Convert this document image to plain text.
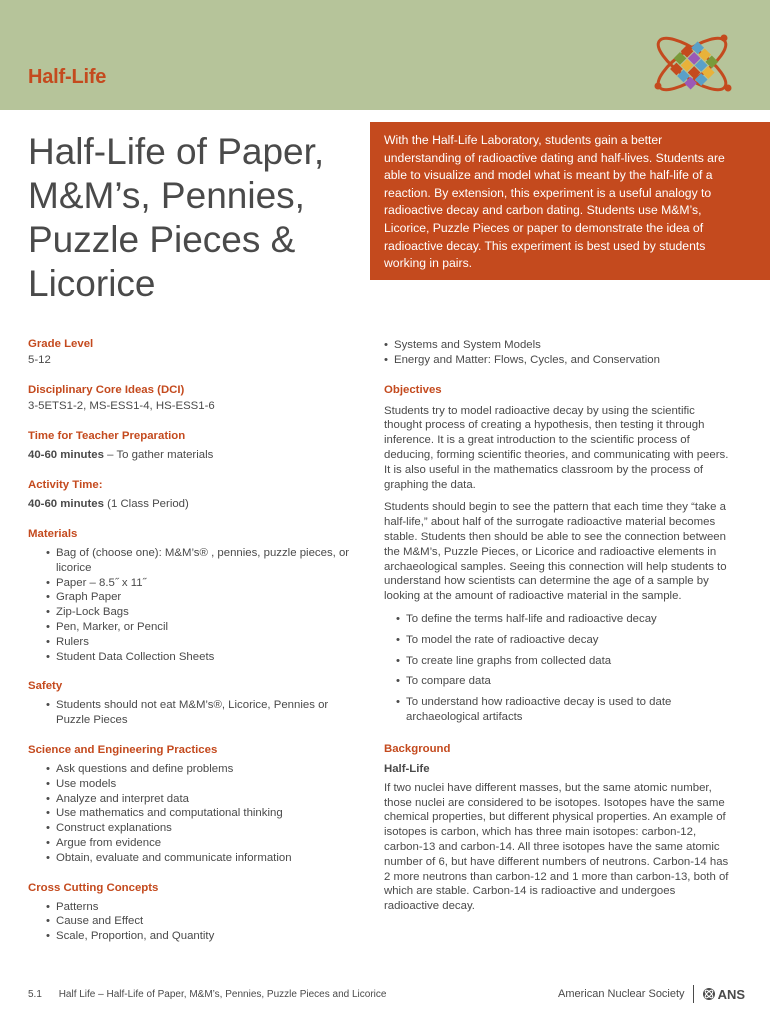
Half-Life
Half-Life of Paper, M&M’s, Pennies, Puzzle Pieces & Licorice
With the Half-Life Laboratory, students gain a better understanding of radioactive dating and half-lives. Students are able to visualize and model what is meant by the half-life of a reaction. By extension, this experiment is a useful analogy to radioactive decay and carbon dating. Students use M&M’s, Licorice, Puzzle Pieces or paper to demonstrate the idea of radioactive decay. This experiment is best used by students working in pairs.
Grade Level
5-12
Disciplinary Core Ideas (DCI)
3-5ETS1-2, MS-ESS1-4, HS-ESS1-6
Time for Teacher Preparation
40-60 minutes – To gather materials
Activity Time:
40-60 minutes (1 Class Period)
Materials
• Bag of (choose one): M&M’s® , pennies, puzzle pieces, or licorice
• Paper – 8.5˝ x 11˝
• Graph Paper
• Zip-Lock Bags
• Pen, Marker, or Pencil
• Rulers
• Student Data Collection Sheets
Safety
• Students should not eat M&M’s®, Licorice, Pennies or Puzzle Pieces
Science and Engineering Practices
• Ask questions and define problems
• Use models
• Analyze and interpret data
• Use mathematics and computational thinking
• Construct explanations
• Argue from evidence
• Obtain, evaluate and communicate information
Cross Cutting Concepts
• Patterns
• Cause and Effect
• Scale, Proportion, and Quantity
• Systems and System Models
• Energy and Matter: Flows, Cycles, and Conservation
Objectives
Students try to model radioactive decay by using the scientific thought process of creating a hypothesis, then testing it through inference. It is a great introduction to the scientific process of deducing, forming scientific theories, and communicating with peers. It is also useful in the mathematics classroom by the process of graphing the data.
Students should begin to see the pattern that each time they “take a half-life,” about half of the surrogate radioactive material becomes stable. Students then should be able to see the connection between the M&M’s, Puzzle Pieces, or Licorice and radioactive elements in archaeological samples. Seeing this connection will help students to understand how scientists can determine the age of a sample by looking at the amount of radioactive material in the sample.
• To define the terms half-life and radioactive decay
• To model the rate of radioactive decay
• To create line graphs from collected data
• To compare data
• To understand how radioactive decay is used to date archaeological artifacts
Background
Half-Life
If two nuclei have different masses, but the same atomic number, those nuclei are considered to be isotopes. Isotopes have the same chemical properties, but different physical properties. An example of isotopes is carbon, which has three main isotopes: carbon-12, carbon-13 and carbon-14. All three isotopes have the same atomic number of 6, but have different numbers of neutrons. Carbon-14 has 2 more neutrons than carbon-12 and 1 more than carbon-13, both of which are stable. Carbon-14 is radioactive and undergoes radioactive decay.
5.1 Half Life – Half-Life of Paper, M&M’s, Pennies, Puzzle Pieces and Licorice	American Nuclear Society	ANS
